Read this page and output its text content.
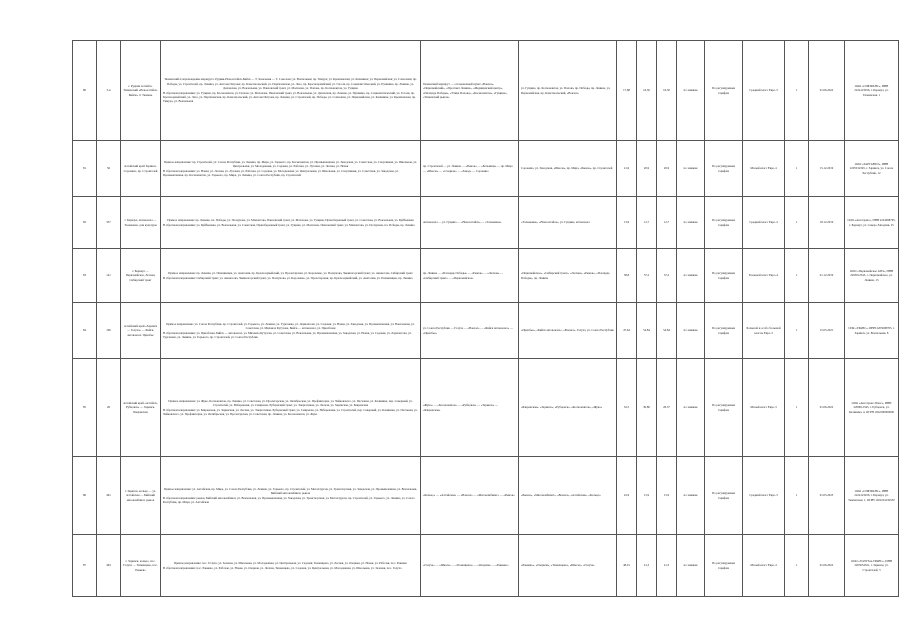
80	3-н	г. Рудник Алтайск-Тюменский «Новоалтайск-Бийск» ст Тюмень	Тюменский-Сопровождение маршрута. Рудник-Новоалтайск-Бийск — Т. Зональная — Т. Соколова; ул. Вокзальная; пр. Тимура; ул. Кремлевская; ул. Калинина; ул. Первомайская; ул. Совхозная; пр. Победы, ул. Строителей, пр. Ленина, ул. Антона Петрова; пр. Комсомольский, ул. Партизанская, ул. Лазо, пр. Красноармейский, ул. Гоголя, пр. Социалистический, ул. Пушкина, пр. Ленина, ул. Деповская, ул. Вокзальная, ул. Павловский тракт, ул. Малахова, ул. Попова, пр. Космонавтов, ул. Гущина
В обратном направлении: ул. Гущина, пр. Космонавтов, ул. Попова, ул. Малахова, Павловский тракт, ул. Вокзальная, ул. Деповская, пр. Ленина, ул. Пушкина, пр. Социалистический, ул. Гоголя, пр. Красноармейский, ул. Лазо, ул. Партизанская, пр. Комсомольский, ул. Антона Петрова, пр. Ленина, ул. Строителей, пр. Победы, ул. Совхозная, ул. Первомайская, ул. Калинина, ул. Кремлевская, пр. Тимура, ул. Вокзальная	Тюменский маршрут — остановочный пункт «Вокзал», «Первомайский», «Проспект Ленина», «Медицинский центр», «Площадь Победы», «Улица Попова», «Космонавтов», «Гущина», «Тюменский рынок»	ул. Гущина, пр. Космонавтов, ул. Попова, пр. Победы, пр. Ленина, ул. Первомайская, пр. Комсомольский, «Вокзал»	17,68	16,50	16,50	по заявкам	По регулируемым тарифам	Средний класс Евро-3	1	01.06.2022	ООО «СИБТРАНС», ИНН 2224123456, г. Барнаул, ул. Тюменская, 1
81	56	Алтайский край Заринск-Сорокино, пр. Строителей	Прямое направление: пр. Строителей, ул. Союза Республик, ул. Ленина, пр. Мира, ул. Горького, пр. Космонавтов, ул. Промышленная, ул. Заводская, ул. Советская, ул. Спортивная, ул. Школьная, ул. Центральная, ул. Молодежная, ул. Садовая, ул. Рабочая, ул. Луговая, ул. Лесная, ул. Новая
В обратном направлении: ул. Новая, ул. Лесная, ул. Луговая, ул. Рабочая, ул. Садовая, ул. Молодежная, ул. Центральная, ул. Школьная, ул. Спортивная, ул. Советская, ул. Заводская, ул. Промышленная, пр. Космонавтов, ул. Горького, пр. Мира, ул. Ленина, ул. Союза Республик, пр. Строителей	пр. Строителей — ул. Ленина — «Рынок» — «Больница» — пр. Мира — «Школа» — «Стадион» — «Завод» — Сорокино	Сорокино, ул. Заводская, «Школа», пр. Мира, «Рынок», пр. Строителей	21,6	20,9	20,9	по заявкам	По регулируемым тарифам	Малый класс Евро-4	1	15.12.2019	ООО «ЗАРТАВТО», ИНН 2205012345, г. Заринск, ул. Союза Республик, 12
82	357	г. Барнаул, автовокзал — Тальменка, дом культуры	Прямое направление: пр. Ленина, пл. Победы, ул. Ползунова, ул. Мамонтова, Павловский тракт, ул. Малахова, ул. Гущина, Правобережный тракт, ул. Советская, ул. Вокзальная, ул. Куйбышева
В обратном направлении: ул. Куйбышева, ул. Вокзальная, ул. Советская, Правобережный тракт, ул. Гущина, ул. Малахова, Павловский тракт, ул. Мамонтова, ул. Ползунова, пл. Победы, пр. Ленина	Автовокзал — ул. Гущина — «Новоалтайск» — «Тальменка»	«Тальменка», «Новоалтайск», ул. Гущина, автовокзал	13,9	12,7	12,7	по заявкам	По регулируемым тарифам	Средний класс Евро-4	1	18.12.2019	ООО «Автотранс», ИНН 2224098765, г. Барнаул, ул. Северо-Западная, 25
83	141	г. Барнаул — Первомайское, Лесная, Сибирский тракт	Прямое направление: пр. Ленина, ул. Папанинцев, ул. Анатолия, пр. Красноармейский, ул. Пролетарская, ул. Короленко, ул. Ползунова, Змеиногорский тракт, ул. Аванесова, Сибирский тракт
В обратном направлении: Сибирский тракт, ул. Аванесова, Змеиногорский тракт, ул. Ползунова, ул. Короленко, ул. Пролетарская, пр. Красноармейский, ул. Анатолия, ул. Папанинцев, пр. Ленина	пр. Ленина — «Площадь Победы» — «Рынок» — «Лесная» — «Сибирский тракт» — «Первомайское»	«Первомайское», «Сибирский тракт», «Лесная», «Рынок», «Площадь Победы», пр. Ленина	38,8	37,2	37,2	по заявкам	По регулируемым тарифам	Большой класс Евро-4	1	01.12.2019	ООО «Первомайское АТП», ИНН 2263012345, с. Первомайское, ул. Ленина, 15
84	196	Алтайский край «Заринск — Голуха» — Бийск, автовокзал, Приобье	Прямое направление: ул. Союза Республик, пр. Строителей, ул. Горького, ул. Ленина, ул. Тургенева, ул. Лермонтова, ул. Садовая, ул. Новая, ул. Заводская, ул. Промышленная, ул. Вокзальная, ул. Советская, ул. Михаила Кутузова, Бийск — автовокзал, ул. Приобская
В обратном направлении: ул. Приобская, Бийск — автовокзал, ул. Михаила Кутузова, ул. Советская, ул. Вокзальная, ул. Промышленная, ул. Заводская, ул. Новая, ул. Садовая, ул. Лермонтова, ул. Тургенева, ул. Ленина, ул. Горького, пр. Строителей, ул. Союза Республик	ул. Союза Республик — Голуха — «Вокзал» — «Бийск автовокзал» — «Приобье»	«Приобье», «Бийск автовокзал», «Вокзал», Голуха, ул. Союза Республик	47,64	54,84	54,84	по заявкам	По регулируемым тарифам	Большой и особо большой классы Евро-3	1	15.05.2021	СПК «ТРАНС», ИНН 2205098765, г. Заринск, ул. Вокзальная, 8
85	26	Алтайский край «Алтайск-Рубцовск» — Заринск, Бавранская	Прямое направление: ул. Жуко, Космонавтов, пр. Ленина, ул. Советская, ул. Пролетарская, ул. Октябрьская, ул. Профинтерна, ул. Чайковского, ул. Песчаная, ул. Калинина, пер. Северный, ул. Строителей, ул. Набережная, ул. Смирнова, Рубцовский тракт, ул. Энергетиков, ул. Лесная, ул. Заринская, ул. Бавранская
В обратном направлении: ул. Бавранская, ул. Заринская, ул. Лесная, ул. Энергетиков, Рубцовский тракт, ул. Смирнова, ул. Набережная, ул. Строителей, пер. Северный, ул. Калинина, ул. Песчаная, ул. Чайковского, ул. Профинтерна, ул. Октябрьская, ул. Пролетарская, ул. Советская, пр. Ленина, ул. Космонавтов, ул. Жуко	«Жуко» — «Космонавтов» — «Рубцовск» — «Заринск» — «Бавранская»	«Бавранская», «Заринск», «Рубцовск», «Космонавтов», «Жуко»	32,5	30,80	26,37	по заявкам	По регулируемым тарифам	Малый класс Евро-3	1	01.06.2022	ООО «Автотранс-Плюс», ИНН 2209012345, г. Рубцовск, ул. Калинина, 4, ОГРН 1022200000000
86	461	г. Заринск, кольцо — ул. Алтайская — Бийский мясокомбинат, рынок	Прямое направление: ул. Алтайская, пр. Мира, ул. Союза Республик, ул. Ленина, ул. Горького, пр. Строителей, ул. Металлургов, ул. Транспортная, ул. Заводская, ул. Промышленная, ул. Вокзальная, Бийский мясокомбинат, рынок
В обратном направлении: рынок, Бийский мясокомбинат, ул. Вокзальная, ул. Промышленная, ул. Заводская, ул. Транспортная, ул. Металлургов, пр. Строителей, ул. Горького, ул. Ленина, ул. Союза Республик, пр. Мира, ул. Алтайская	«Кольцо» — «Алтайская» — «Вокзал» — «Мясокомбинат» — «Рынок»	«Рынок», «Мясокомбинат», «Вокзал», «Алтайская», «Кольцо»	22,9	15,9	15,9	по заявкам	По регулируемым тарифам	Средний класс Евро-3	1	01.05.2023	ООО «СИБТРАНС», ИНН 2224123456, г. Барнаул, ул. Тюменская, 1, ОГРН 1022201234567
87	463	г. Заринск, кольцо, пос. Голуха — Тюменцево, пос. Ракиево	Прямое направление: пос. Голуха, ул. Зеленая, ул. Школьная, ул. Молодежная, ул. Центральная, ул. Садовая, Тюменцево, ул. Лесная, ул. Озерная, ул. Новая, ул. Рабочая, пос. Ракиево
В обратном направлении: пос. Ракиево, ул. Рабочая, ул. Новая, ул. Озерная, ул. Лесная, Тюменцево, ул. Садовая, ул. Центральная, ул. Молодежная, ул. Школьная, ул. Зеленая, пос. Голуха	«Голуха» — «Школа» — «Тюменцево» — «Озерная» — «Ракиево»	«Ракиево», «Озерная», «Тюменцево», «Школа», «Голуха»	48,01	41,3	41,3	по заявкам	По регулируемым тарифам	Малый класс Евро-4	1	01.06.2022	ООО «ГОЛУХА-ТРАНС», ИНН 2205054321, г. Заринск, ул. Строителей, 3
